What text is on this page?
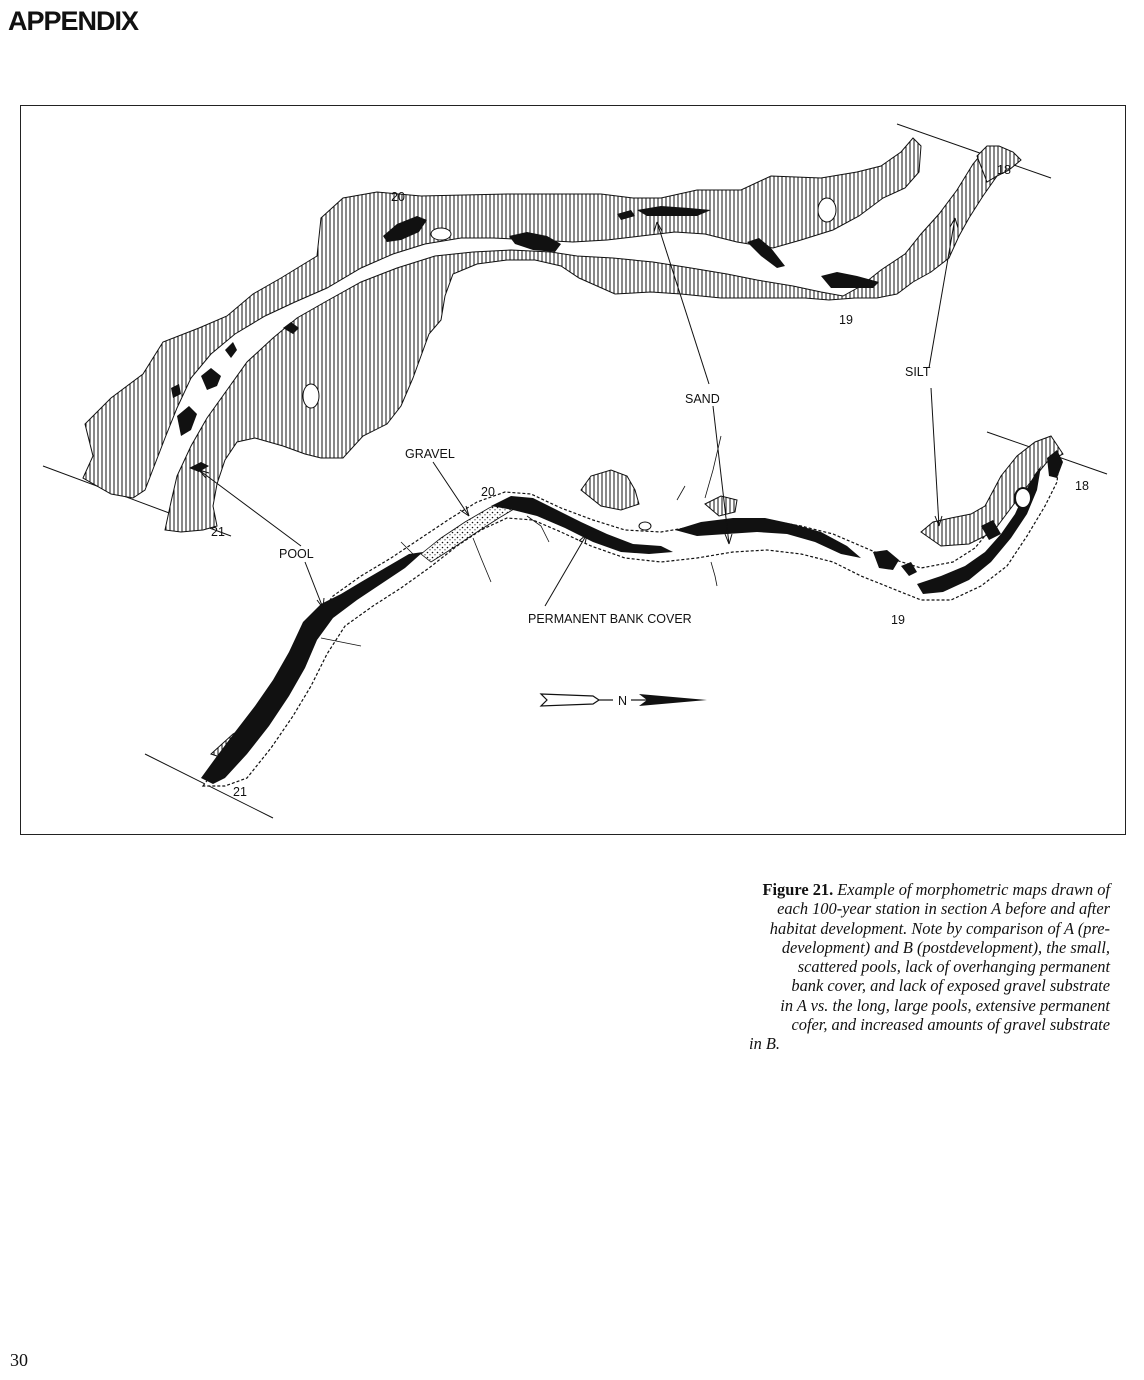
APPENDIX
20
19
18
21
20
19
18
21
SAND
SILT
GRAVEL
POOL
PERMANENT BANK COVER
N
Figure 21. Example of morphometric maps drawn of
each 100-year station in section A before and after
habitat development. Note by comparison of A (pre-
development) and B (postdevelopment), the small,
scattered pools, lack of overhanging permanent
bank cover, and lack of exposed gravel substrate
in A vs. the long, large pools, extensive permanent
cofer, and increased amounts of gravel substrate
in B.
30
